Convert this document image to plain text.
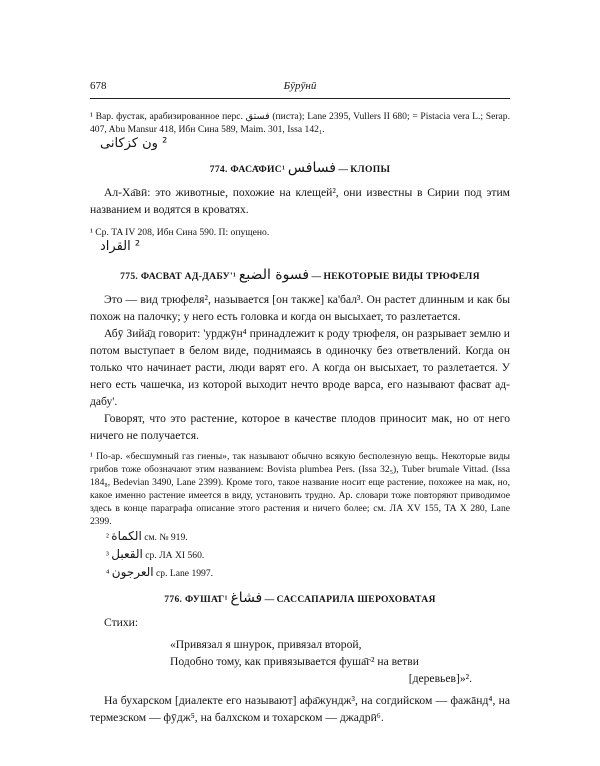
678	Бӯрӯнӣ

¹ Вар. фустак, арабизированное перс. فستق (писта); Lane 2395, Vullers II 680; = Pistacia vera L.; Serap. 407, Abu Mansur 418, Ибн Сина 589, Maim. 301, Issa 142₁.

² ون كزكانى

774. ФАСА̄ФИС¹ فسافس — КЛОПЫ

Ал-Ха̄вӣ: это животные, похожие на клещей², они известны в Сирии под этим названием и водятся в кроватях.

¹ Ср. TA IV 208, Ибн Сина 590. П: опущено.

² القراد

775. ФАСВАТ АД-ДАБУ'¹ فسوة الضبع — НЕКОТОРЫЕ ВИДЫ ТРЮФЕЛЯ

Это — вид трюфеля², называется [он также] ка'бал³. Он растет длинным и как бы похож на палочку; у него есть головка и когда он высыхает, то разлетается.

Абӯ Зийа̄д говорит: 'урджӯн⁴ принадлежит к роду трюфеля, он разрывает землю и потом выступает в белом виде, поднимаясь в одиночку без ответвлений. Когда он только что начинает расти, люди варят его. А когда он высыхает, то разлетается. У него есть чашечка, из которой выходит нечто вроде варса, его называют фасват ад-дабу'.

Говорят, что это растение, которое в качестве плодов приносит мак, но от него ничего не получается.

¹ По-ар. «бесшумный газ гиены», так называют обычно всякую бесполезную вещь. Некоторые виды грибов тоже обозначают этим названием: Bovista plumbea Pers. (Issa 32₅), Tuber brumale Vittad. (Issa 184₈, Bedevian 3490, Lane 2399). Кроме того, такое название носит еще растение, похожее на мак, но, какое именно растение имеется в виду, установить трудно. Ар. словари тоже повторяют приводимое здесь в конце параграфа описание этого растения и ничего более; см. ЛА XV 155, TA X 280, Lane 2399.

² الكماة см. № 919.

³ القعبل ср. ЛА XI 560.

⁴ العرجون ср. Lane 1997.

776. ФУША̄Г¹ فشاغ — САССАПАРИЛА ШЕРОХОВАТАЯ

Стихи:

«Привязал я шнурок, привязал второй,

Подобно тому, как привязывается фуша̄г² на ветви

[деревьев]»².

На бухарском [диалекте его называют] афа̄жундж³, на согдийском — фажāнд⁴, на термезском — фӯдж⁵, на балхском и тохарском — джадрӣ⁶.
